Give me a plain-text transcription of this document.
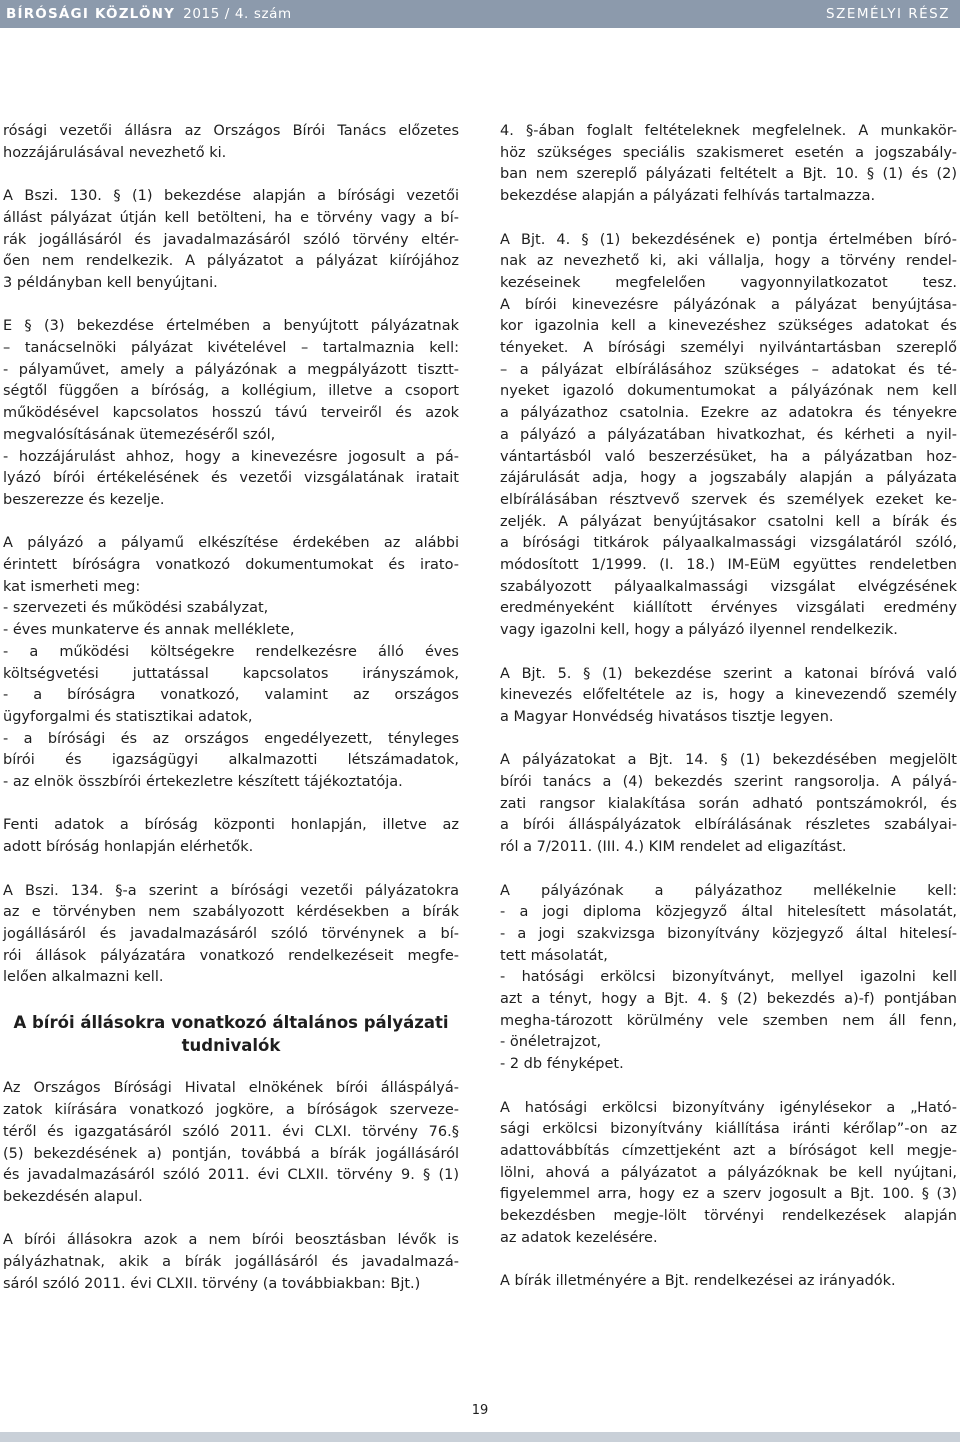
BÍRÓSÁGI KÖZLÖNY 2015 / 4. szám	SZEMÉLYI RÉSZ
rósági vezetői állásra az Országos Bírói Tanács előzetes
hozzájárulásával nevezhető ki.
A Bszi. 130. § (1) bekezdése alapján a bírósági vezetői
állást pályázat útján kell betölteni, ha e törvény vagy a bí-
rák jogállásáról és javadalmazásáról szóló törvény eltér-
ően nem rendelkezik. A pályázatot a pályázat kiírójához
3 példányban kell benyújtani.
E § (3) bekezdése értelmében a benyújtott pályázatnak
– tanácselnöki pályázat kivételével – tartalmaznia kell:
- pályaművet, amely a pályázónak a megpályázott tisztt-
ségtől függően a bíróság, a kollégium, illetve a csoport
működésével kapcsolatos hosszú távú terveiről és azok
megvalósításának ütemezéséről szól,
- hozzájárulást ahhoz, hogy a kinevezésre jogosult a pá-
lyázó bírói értékelésének és vezetői vizsgálatának iratait
beszerezze és kezelje.
A pályázó a pályamű elkészítése érdekében az alábbi
érintett bíróságra vonatkozó dokumentumokat és irato-
kat ismerheti meg:
- szervezeti és működési szabályzat,
- éves munkaterve és annak melléklete,
- a működési költségekre rendelkezésre álló éves
költségvetési juttatással kapcsolatos irányszámok,
- a bíróságra vonatkozó, valamint az országos
ügyforgalmi és statisztikai adatok,
- a bírósági és az országos engedélyezett, tényleges
bírói és igazságügyi alkalmazotti létszámadatok,
- az elnök összbírói értekezletre készített tájékoztatója.
Fenti adatok a bíróság központi honlapján, illetve az
adott bíróság honlapján elérhetők.
A Bszi. 134. §-a szerint a bírósági vezetői pályázatokra
az e törvényben nem szabályozott kérdésekben a bírák
jogállásáról és javadalmazásáról szóló törvénynek a bí-
rói állások pályázatára vonatkozó rendelkezéseit megfe-
lelően alkalmazni kell.
A bírói állásokra vonatkozó általános pályázati
tudnivalók
Az Országos Bírósági Hivatal elnökének bírói álláspályá-
zatok kiírására vonatkozó jogköre, a bíróságok szerveze-
téről és igazgatásáról szóló 2011. évi CLXI. törvény 76.§
(5) bekezdésének a) pontján, továbbá a bírák jogállásáról
és javadalmazásáról szóló 2011. évi CLXII. törvény 9. § (1)
bekezdésén alapul.
A bírói állásokra azok a nem bírói beosztásban lévők is
pályázhatnak, akik a bírák jogállásáról és javadalmazá-
sáról szóló 2011. évi CLXII. törvény (a továbbiakban: Bjt.)
4. §-ában foglalt feltételeknek megfelelnek. A munkakör-
höz szükséges speciális szakismeret esetén a jogszabály-
ban nem szereplő pályázati feltételt a Bjt. 10. § (1) és (2)
bekezdése alapján a pályázati felhívás tartalmazza.
A Bjt. 4. § (1) bekezdésének e) pontja értelmében bíró-
nak az nevezhető ki, aki vállalja, hogy a törvény rendel-
kezéseinek megfelelően vagyonnyilatkozatot tesz.
A bírói kinevezésre pályázónak a pályázat benyújtása-
kor igazolnia kell a kinevezéshez szükséges adatokat és
tényeket. A bírósági személyi nyilvántartásban szereplő
– a pályázat elbírálásához szükséges – adatokat és té-
nyeket igazoló dokumentumokat a pályázónak nem kell
a pályázathoz csatolnia. Ezekre az adatokra és tényekre
a pályázó a pályázatában hivatkozhat, és kérheti a nyil-
vántartásból való beszerzésüket, ha a pályázatban hoz-
zájárulását adja, hogy a jogszabály alapján a pályázata
elbírálásában résztvevő szervek és személyek ezeket ke-
zeljék. A pályázat benyújtásakor csatolni kell a bírák és
a bírósági titkárok pályaalkalmassági vizsgálatáról szóló,
módosított 1/1999. (I. 18.) IM-EüM együttes rendeletben
szabályozott pályaalkalmassági vizsgálat elvégzésének
eredményeként kiállított érvényes vizsgálati eredmény
vagy igazolni kell, hogy a pályázó ilyennel rendelkezik.
A Bjt. 5. § (1) bekezdése szerint a katonai bíróvá való
kinevezés előfeltétele az is, hogy a kinevezendő személy
a Magyar Honvédség hivatásos tisztje legyen.
A pályázatokat a Bjt. 14. § (1) bekezdésében megjelölt
bírói tanács a (4) bekezdés szerint rangsorolja. A pályá-
zati rangsor kialakítása során adható pontszámokról, és
a bírói álláspályázatok elbírálásának részletes szabályai-
ról a 7/2011. (III. 4.) KIM rendelet ad eligazítást.
A pályázónak a pályázathoz mellékelnie kell:
- a jogi diploma közjegyző által hitelesített másolatát,
- a jogi szakvizsga bizonyítvány közjegyző által hitelesí-
tett másolatát,
- hatósági erkölcsi bizonyítványt, mellyel igazolni kell
azt a tényt, hogy a Bjt. 4. § (2) bekezdés a)-f) pontjában
megha-tározott körülmény vele szemben nem áll fenn,
- önéletrajzot,
- 2 db fényképet.
A hatósági erkölcsi bizonyítvány igénylésekor a „Ható-
sági erkölcsi bizonyítvány kiállítása iránti kérőlap”-on az
adattovábbítás címzettjeként azt a bíróságot kell megje-
lölni, ahová a pályázatot a pályázóknak be kell nyújtani,
figyelemmel arra, hogy ez a szerv jogosult a Bjt. 100. § (3)
bekezdésben megje-lölt törvényi rendelkezések alapján
az adatok kezelésére.
A bírák illetményére a Bjt. rendelkezései az irányadók.
19
